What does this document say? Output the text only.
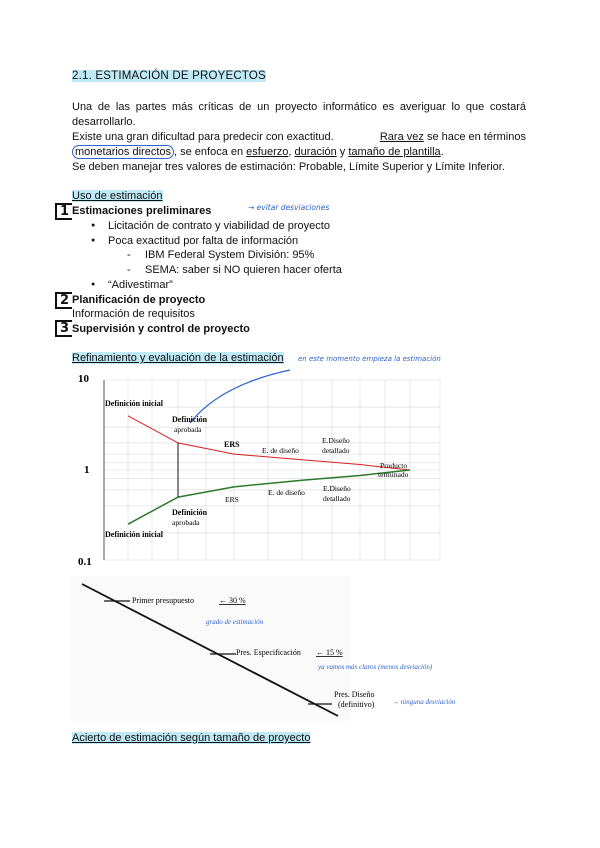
2.1. ESTIMACIÓN DE PROYECTOS
Una de las partes más críticas de un proyecto informático es averiguar lo que costará desarrollarlo.
Existe una gran dificultad para predecir con exactitud.	Rara vez se hace en términos
monetarios directos , se enfoca en esfuerzo, duración y tamaño de plantilla.
Se deben manejar tres valores de estimación: Probable, Límite Superior y Límite Inferior.
Uso de estimación
1 Estimaciones preliminares	→ evitar desviaciones
● Licitación de contrato y viabilidad de proyecto
● Poca exactitud por falta de información
- IBM Federal System División: 95%
- SEMA: saber si NO quieren hacer oferta
● “Adivestimar”
2 Planificación de proyecto
Información de requisitos
3 Supervisión y control de proyecto
Refinamiento y evaluación de la estimación en este momento empieza la estimación
10
1
0.1
Definición inicial
Definición
aprobada
ERS
E. de diseño
E.Diseño
detallado
Producto
terminado
E. de diseño E.Diseño
detallado
ERS
Definición
aprobada
Definición inicial
Primer presupuesto	← 30 %
grado de estimación
Pres. Especificación ← 15 %
ya vamos más claros (menos desviación)
Pres. Diseño
(definitivo)	→ ninguna desviación
Acierto de estimación según tamaño de proyecto
